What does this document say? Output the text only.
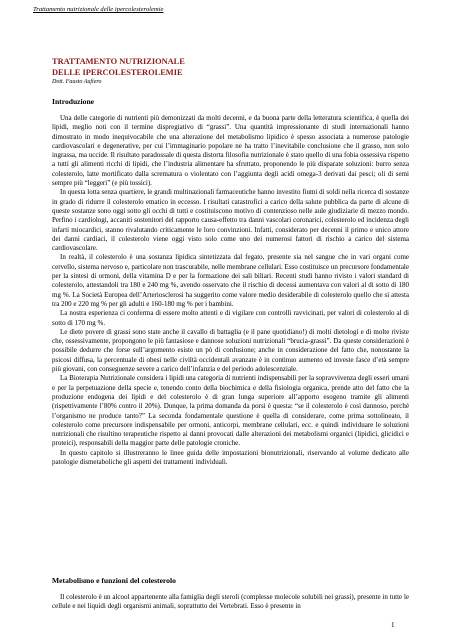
Trattamento nutrizionale delle ipercolesterolemie
TRATTAMENTO NUTRIZIONALE
DELLE IPERCOLESTEROLEMIE
Dott. Fausto Aufiero
Introduzione

Una delle categorie di nutrienti più demonizzati da molti decenni, e da buona parte della letteratura scientifica, è quella dei lipidi, meglio noti con il termine dispregiativo di “grassi”. Una quantità impressionante di studi internazionali hanno dimostrato in modo inequivocabile che una alterazione del metabolismo lipidico è spesso associata a numerose patologie cardiovascolari e degenerative, per cui l’immaginario popolare ne ha tratto l’inevitabile conclusione che il grasso, non solo ingrassa, ma uccide. Il risultato paradossale di questa distorta filosofia nutrizionale è stato quello di una fobia ossessiva rispetto a tutti gli alimenti ricchi di lipidi, che l’industria alimentare ha sfruttato, proponendo le più disparate soluzioni: burro senza colesterolo, latte mortificato dalla scrematura o violentato con l’aggiunta degli acidi omega-3 derivati dai pesci; oli di semi sempre più “leggeri” (e più tossici).

In questa lotta senza quartiere, le grandi multinazionali farmaceutiche hanno investito fiumi di soldi nella ricerca di sostanze in grado di ridurre il colesterolo ematico in eccesso. I risultati catastrofici a carico della salute pubblica da parte di alcune di queste sostanze sono oggi sotto gli occhi di tutti e costituiscono motivo di contenzioso nelle aule giudiziarie di mezzo mondo. Perfino i cardiologi, accaniti sostenitori del rapporto causa-effetto tra danni vascolari coronarici, colesterolo ed incidenza degli infarti miocardici, stanno rivalutando criticamente le loro convinzioni. Infatti, considerato per decenni il primo e unico attore dei danni cardiaci, il colesterolo viene oggi visto solo come uno dei numerosi fattori di rischio a carico del sistema cardiovascolare.

In realtà, il colesterolo è una sostanza lipidica sintetizzata dal fegato, presente sia nel sangue che in vari organi come cervello, sistema nervoso e, particolare non trascurabile, nelle membrane cellulari. Esso costituisce un precursore fondamentale per la sintesi di ormoni, della vitamina D e per la formazione dei sali biliari. Recenti studi hanno rivisto i valori standard di colesterolo, attestandoli tra 180 e 240 mg %, avendo osservato che il rischio di decessi aumentava con valori al di sotto di 180 mg %. La Società Europea dell’Arteriosclerosi ha suggerito come valore medio desiderabile di colesterolo quello che si attesta tra 200 e 220 mg % per gli adulti e 160-180 mg % per i bambini.

La nostra esperienza ci conferma di essere molto attenti e di vigilare con controlli ravvicinati, per valori di colesterolo al di sotto di 170 mg %.

Le diete povere di grassi sono state anche il cavallo di battaglia (e il pane quotidiano!) di molti dietologi e di molte riviste che, ossessivamente, propongono le più fantasiose e dannose soluzioni nutrizionali “brucia-grassi”. Da queste considerazioni è possibile dedurre che forse sull’argomento esiste un pò di confusione; anche in considerazione del fatto che, nonostante la psicosi diffusa, la percentuale di obesi nelle civiltà occidentali avanzate è in continuo aumento ed investe fasce d’età sempre più giovani, con conseguenze severe a carico dell’infanzia e del periodo adolescenziale.

La Bioterapia Nutrizionale considera i lipidi una categoria di nutrienti indispensabili per la sopravvivenza degli esseri umani e per la perpetuazione della specie e, tenendo conto della biochimica e della fisiologia organica, prende atto del fatto che la produzione endogena dei lipidi e del colesterolo è di gran lunga superiore all’apporto esogeno tramite gli alimenti (rispettivamente l’80% contro il 20%). Dunque, la prima domanda da porsi è questa: “se il colesterolo è così dannoso, perché l’organismo ne produce tanto?” La seconda fondamentale questione è quella di considerare, come prima sottolineato, il colesterolo come precursore indispensabile per ormoni, anticorpi, membrane cellulari, ecc. e quindi individuare le soluzioni nutrizionali che risultino terapeutiche rispetto ai danni provocati dalle alterazioni dei metabolismi organici (lipidici, glicidici e proteici), responsabili della maggior parte delle patologie croniche.

In questo capitolo si illustreranno le linee guida delle impostazioni bionutrizionali, riservando al volume dedicato alle patologie dismetaboliche gli aspetti dei trattamenti individuali.

Metabolismo e funzioni del colesterolo

Il colesterolo è un alcool appartenente alla famiglia degli steroli (complesse molecole solubili nei grassi), presente in tutte le cellule e nei liquidi degli organismi animali, soprattutto dei Vertebrati. Esso è presente in

1
